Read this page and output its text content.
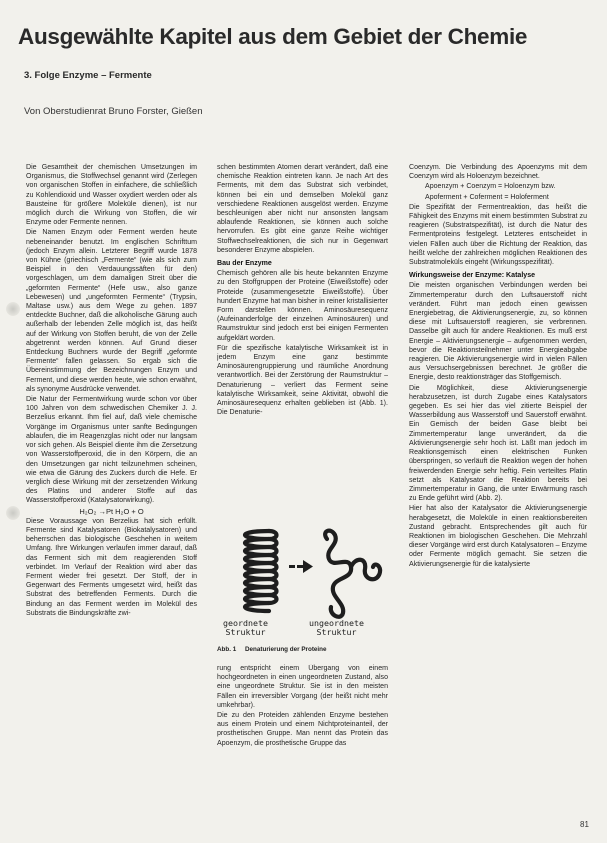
Ausgewählte Kapitel aus dem Gebiet der Chemie
3. Folge Enzyme – Fermente
Von Oberstudienrat Bruno Forster, Gießen

Die Gesamtheit der chemischen Umsetzungen im Organismus, die Stoffwechsel genannt wird (Zerlegen von organischen Stoffen in einfachere, die schließlich zu Kohlendioxid und Wasser oxydiert werden oder als Bausteine für größere Moleküle dienen), ist nur möglich durch die Wirkung von Stoffen, die wir Enzyme oder Fermente nennen.

Die Namen Enzym oder Ferment werden heute nebeneinander benutzt. Im englischen Schrifttum (jedoch Enzym allein. Letzterer Begriff wurde 1878 von Kühne (griechisch „Fermente“ (wie als sich zum Beispiel in den Verdauungssäften für den) vorgeschlagen, um dem damaligen Streit über die „geformten Fermente“ (Hefe usw., also ganze Lebewesen) und „ungeformten Fermente“ (Trypsin, Maltase usw.) aus dem Wege zu gehen. 1897 entdeckte Buchner, daß die alkoholische Gärung auch außerhalb der lebenden Zelle möglich ist, das heißt auf der Wirkung von Stoffen beruht, die von der Zelle abgetrennt werden können. Auf Grund dieser Entdeckung Buchners wurde der Begriff „geformte Fermente“ fallen gelassen. So ergab sich die Übereinstimmung der Bezeichnungen Enzym und Ferment, und diese werden heute, wie schon erwähnt, als synonyme Ausdrücke verwendet.

Die Natur der Fermentwirkung wurde schon vor über 100 Jahren von dem schwedischen Chemiker J. J. Berzelius erkannt. Ihm fiel auf, daß viele chemische Vorgänge im Organismus unter sanfte Bedingungen ablaufen, die im Reagenzglas nicht oder nur langsam vor sich gehen. Als Beispiel diente ihm die Zersetzung von Wasserstoffperoxid, die in den Körpern, die an den Umsetzungen gar nicht teilzunehmen scheinen, wie etwa die Gärung des Zuckers durch die Hefe. Er verglich diese Wirkung mit der zersetzenden Wirkung des Platins und anderer Stoffe auf das Wasserstoffperoxid (Katalysatorwirkung).

H₂O₂ →Pt H₂O + O

Diese Voraussage von Berzelius hat sich erfüllt. Fermente sind Katalysatoren (Biokatalysatoren) und beherrschen das biologische Geschehen in weitem Umfang. Ihre Wirkungen verlaufen immer darauf, daß das Ferment sich mit dem reagierenden Stoff verbindet. Im Verlauf der Reaktion wird aber das Ferment wieder frei gesetzt. Der Stoff, der in Gegenwart des Ferments umgesetzt wird, heißt das Substrat des betreffenden Ferments. Durch die Bindung an das Ferment werden im Molekül des Substrats die Bindungskräfte zwi-

schen bestimmten Atomen derart verändert, daß eine chemische Reaktion eintreten kann. Je nach Art des Ferments, mit dem das Substrat sich verbindet, können bei ein und demselben Molekül ganz verschiedene Reaktionen ausgelöst werden. Enzyme beschleunigen aber nicht nur ansonsten langsam ablaufende Reaktionen, sie können auch solche hervorrufen. Es gibt eine ganze Reihe wichtiger Stoffwechselreaktionen, die sich nur in Gegenwart besonderer Enzyme abspielen.

Bau der Enzyme

Chemisch gehören alle bis heute bekannten Enzyme zu den Stoffgruppen der Proteine (Eiweißstoffe) oder Proteide (zusammengesetzte Eiweißstoffe). Über hundert Enzyme hat man bisher in reiner kristallisierter Form darstellen können. Aminosäuresequenz (Aufeinanderfolge der einzelnen Aminosäuren) und Raumstruktur sind jedoch erst bei einigen Fermenten aufgeklärt worden.

Für die spezifische katalytische Wirksamkeit ist in jedem Enzym eine ganz bestimmte Aminosäurengruppierung und räumliche Anordnung verantwortlich. Bei der Zerstörung der Raumstruktur – Denaturierung – verliert das Ferment seine katalytische Wirksamkeit, seine Aktivität, obwohl die Aminosäuresequenz erhalten geblieben ist (Abb. 1). Die Denaturie-

geordnete
Struktur
ungeordnete
Struktur
Abb. 1     Denaturierung der Proteine

rung entspricht einem Übergang von einem hochgeordneten in einen ungeordneten Zustand, also eine ungeordnete Struktur. Sie ist in den meisten Fällen ein irreversibler Vorgang (der heißt nicht mehr umkehrbar).

Die zu den Proteiden zählenden Enzyme bestehen aus einem Protein und einem Nichtproteinanteil, der prosthetischen Gruppe. Man nennt das Protein das Apoenzym, die prosthetische Gruppe das

Coenzym. Die Verbindung des Apoenzyms mit dem Coenzym wird als Holoenzym bezeichnet.

Apoenzym + Coenzym = Holoenzym bzw.

Apoferment + Coferment = Holoferment

Die Spezifität der Fermentreaktion, das heißt die Fähigkeit des Enzyms mit einem bestimmten Substrat zu reagieren (Substratspezifität), ist durch die Natur des Fermentproteins festgelegt. Letzteres entscheidet in vielen Fällen auch über die Richtung der Reaktion, das heißt welche der zahlreichen möglichen Reaktionen des Substratmoleküls eingeht (Wirkungsspezifität).

Wirkungsweise der Enzyme: Katalyse

Die meisten organischen Verbindungen werden bei Zimmertemperatur durch den Luftsauerstoff nicht verändert. Führt man jedoch einen gewissen Energiebetrag, die Aktivierungsenergie, zu, so können diese mit Luftsauerstoff reagieren, sie verbrennen. Dasselbe gilt auch für andere Reaktionen. Es muß erst Energie – Aktivierungsenergie – aufgenommen werden, bevor die Reaktionsteilnehmer unter Energieabgabe reagieren. Die Aktivierungsenergie wird in vielen Fällen aus Versuchsergebnissen berechnet. Je größer die Energie, desto reaktionsträger das Stoffgemisch.

Die Möglichkeit, diese Aktivierungsenergie herabzusetzen, ist durch Zugabe eines Katalysators gegeben. Es sei hier das viel zitierte Beispiel der Wasserbildung aus Wasserstoff und Sauerstoff erwähnt. Ein Gemisch der beiden Gase bleibt bei Zimmertemperatur lange unverändert, da die Aktivierungsenergie sehr hoch ist. Läßt man jedoch im Reaktionsgemisch einen elektrischen Funken überspringen, so verläuft die Reaktion wegen der hohen freiwerdenden Energie sehr heftig. Fein verteiltes Platin setzt als Katalysator die Reaktion bereits bei Zimmertemperatur in Gang, die unter Erwärmung rasch zu Ende geführt wird (Abb. 2).

Hier hat also der Katalysator die Aktivierungsenergie herabgesetzt, die Moleküle in einen reaktionsbereiten Zustand gebracht. Entsprechendes gilt auch für Reaktionen im biologischen Geschehen. Die Mehrzahl dieser Vorgänge wird erst durch Katalysatoren – Enzyme oder Fermente möglich gemacht. Sie setzen die Aktivierungsenergie für die katalysierte

81
